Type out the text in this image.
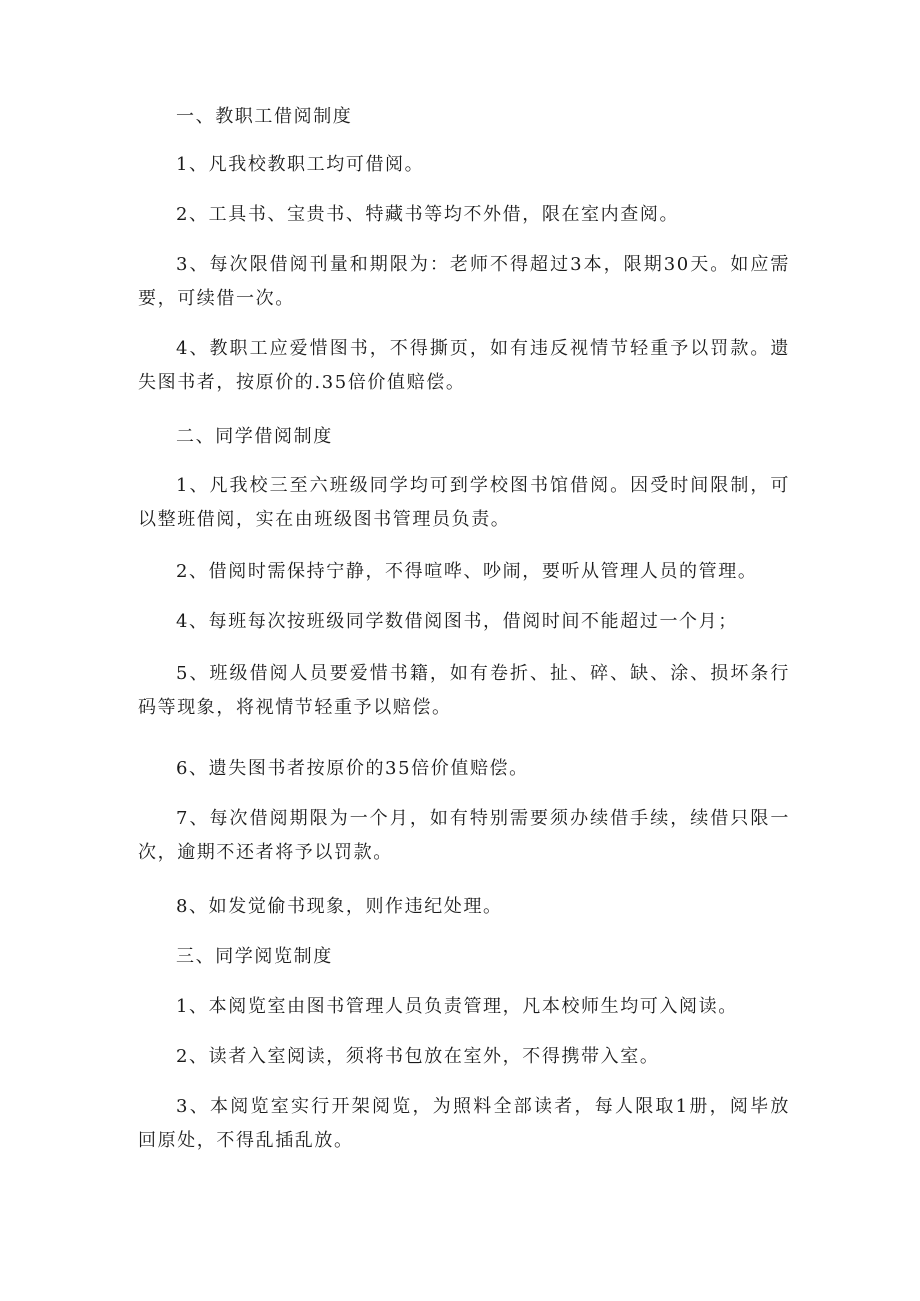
一、教职工借阅制度

1、凡我校教职工均可借阅。

2、工具书、宝贵书、特藏书等均不外借，限在室内查阅。

3、每次限借阅刊量和期限为：老师不得超过3本，限期30天。如应需要，可续借一次。

4、教职工应爱惜图书，不得撕页，如有违反视情节轻重予以罚款。遗失图书者，按原价的.35倍价值赔偿。

二、同学借阅制度

1、凡我校三至六班级同学均可到学校图书馆借阅。因受时间限制，可以整班借阅，实在由班级图书管理员负责。

2、借阅时需保持宁静，不得喧哗、吵闹，要听从管理人员的管理。

4、每班每次按班级同学数借阅图书，借阅时间不能超过一个月；

5、班级借阅人员要爱惜书籍，如有卷折、扯、碎、缺、涂、损坏条行码等现象，将视情节轻重予以赔偿。

6、遗失图书者按原价的35倍价值赔偿。

7、每次借阅期限为一个月，如有特别需要须办续借手续，续借只限一次，逾期不还者将予以罚款。

8、如发觉偷书现象，则作违纪处理。

三、同学阅览制度

1、本阅览室由图书管理人员负责管理，凡本校师生均可入阅读。

2、读者入室阅读，须将书包放在室外，不得携带入室。

3、本阅览室实行开架阅览，为照料全部读者，每人限取1册，阅毕放回原处，不得乱插乱放。
